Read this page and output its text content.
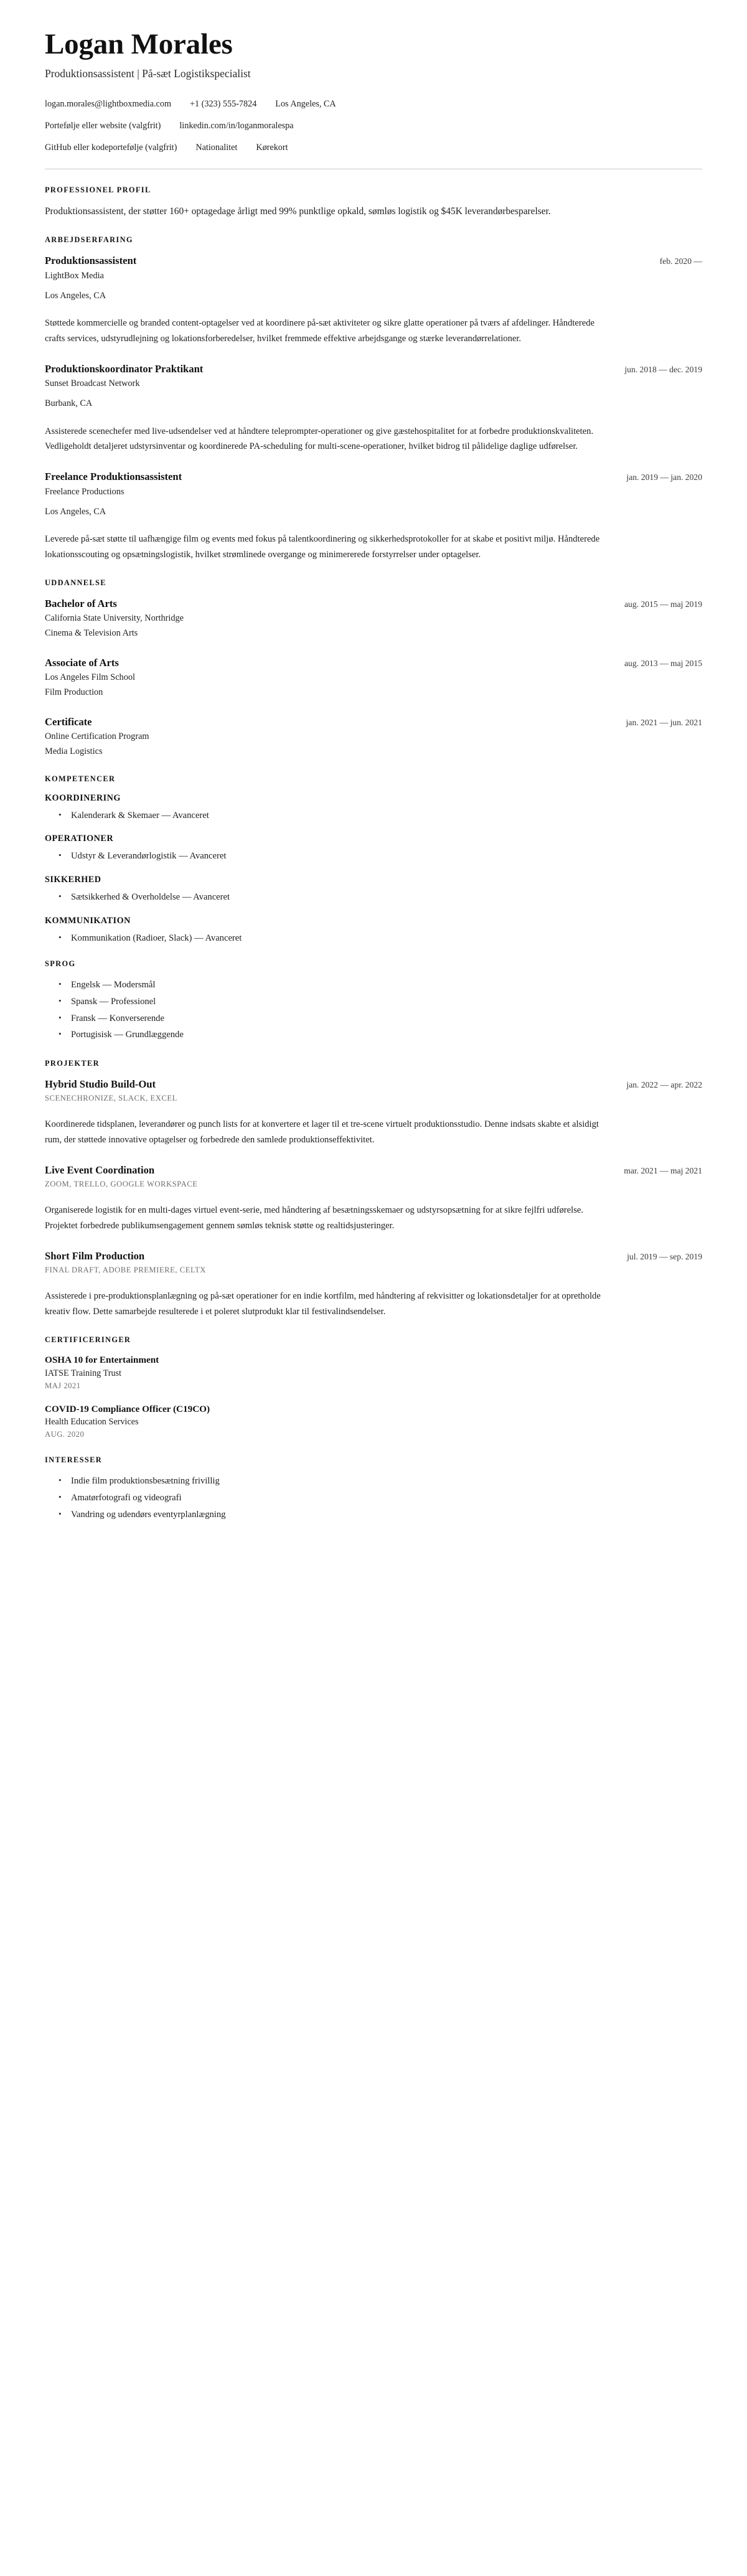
Logan Morales
Produktionsassistent | På-sæt Logistikspecialist
logan.morales@lightboxmedia.com +1 (323) 555-7824 Los Angeles, CA
Portefølje eller website (valgfrit) linkedin.com/in/loganmoralespa
GitHub eller kodeportefølje (valgfrit) Nationalitet Kørekort
PROFESSIONEL PROFIL

Produktionsassistent, der støtter 160+ optagedage årligt med 99% punktlige opkald, sømløs logistik og $45K leverandørbesparelser.

ARBEJDSERFARING
Produktionsassistent	feb. 2020 —
LightBox Media
Los Angeles, CA

Støttede kommercielle og branded content-optagelser ved at koordinere på-sæt aktiviteter og sikre glatte operationer på tværs af afdelinger. Håndterede crafts services, udstyrudlejning og lokationsforberedelser, hvilket fremmede effektive arbejdsgange og stærke leverandørrelationer.

Produktionskoordinator Praktikant	jun. 2018 — dec. 2019
Sunset Broadcast Network
Burbank, CA

Assisterede scenechefer med live-udsendelser ved at håndtere teleprompter-operationer og give gæstehospitalitet for at forbedre produktionskvaliteten. Vedligeholdt detaljeret udstyrsinventar og koordinerede PA-scheduling for multi-scene-operationer, hvilket bidrog til pålidelige daglige udførelser.

Freelance Produktionsassistent	jan. 2019 — jan. 2020
Freelance Productions
Los Angeles, CA

Leverede på-sæt støtte til uafhængige film og events med fokus på talentkoordinering og sikkerhedsprotokoller for at skabe et positivt miljø. Håndterede lokationsscouting og opsætningslogistik, hvilket strømlinede overgange og minimererede forstyrrelser under optagelser.

UDDANNELSE
Bachelor of Arts	aug. 2015 — maj 2019
California State University, Northridge
Cinema & Television Arts
Associate of Arts	aug. 2013 — maj 2015
Los Angeles Film School
Film Production
Certificate	jan. 2021 — jun. 2021
Online Certification Program
Media Logistics
KOMPETENCER
KOORDINERING
• Kalenderark & Skemaer — Avanceret
OPERATIONER
• Udstyr & Leverandørlogistik — Avanceret
SIKKERHED
• Sætsikkerhed & Overholdelse — Avanceret
KOMMUNIKATION
• Kommunikation (Radioer, Slack) — Avanceret
SPROG
• Engelsk — Modersmål
• Spansk — Professionel
• Fransk — Konverserende
• Portugisisk — Grundlæggende
PROJEKTER
Hybrid Studio Build-Out	jan. 2022 — apr. 2022
SCENECHRONIZE, SLACK, EXCEL

Koordinerede tidsplanen, leverandører og punch lists for at konvertere et lager til et tre-scene virtuelt produktionsstudio. Denne indsats skabte et alsidigt rum, der støttede innovative optagelser og forbedrede den samlede produktionseffektivitet.

Live Event Coordination	mar. 2021 — maj 2021
ZOOM, TRELLO, GOOGLE WORKSPACE

Organiserede logistik for en multi-dages virtuel event-serie, med håndtering af besætningsskemaer og udstyrsopsætning for at sikre fejlfri udførelse. Projektet forbedrede publikumsengagement gennem sømløs teknisk støtte og realtidsjusteringer.

Short Film Production	jul. 2019 — sep. 2019
FINAL DRAFT, ADOBE PREMIERE, CELTX

Assisterede i pre-produktionsplanlægning og på-sæt operationer for en indie kortfilm, med håndtering af rekvisitter og lokationsdetaljer for at opretholde kreativ flow. Dette samarbejde resulterede i et poleret slutprodukt klar til festivalindsendelser.

CERTIFICERINGER
OSHA 10 for Entertainment
IATSE Training Trust
MAJ 2021
COVID-19 Compliance Officer (C19CO)
Health Education Services
AUG. 2020
INTERESSER
• Indie film produktionsbesætning frivillig
• Amatørfotografi og videografi
• Vandring og udendørs eventyrplanlægning
